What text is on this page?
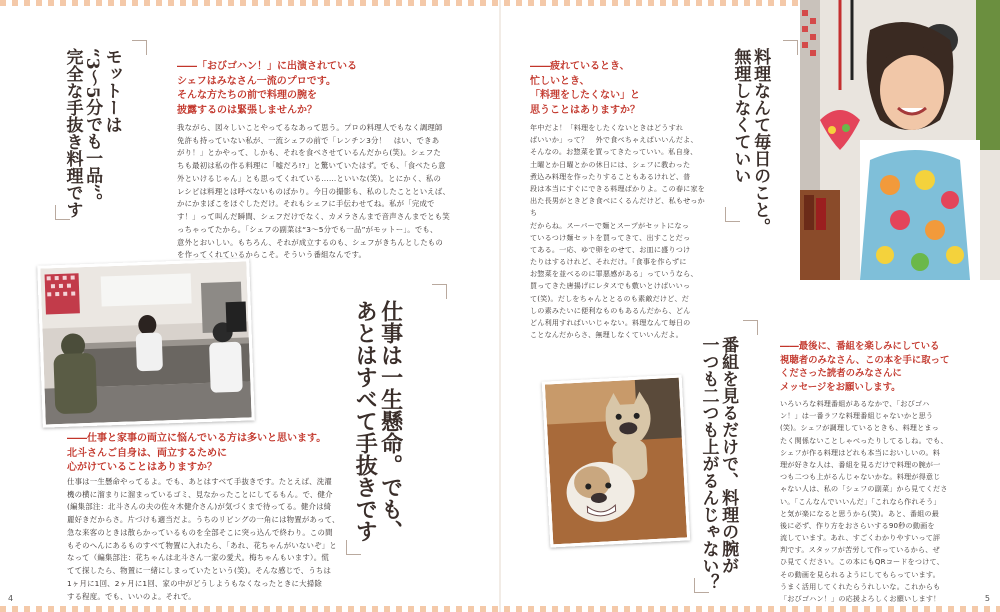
モットーは
“3〜5分でも一品”。
完全な手抜き料理です	――「おびゴハン！」に出演されている
シェフはみなさん一流のプロです。
そんな方たちの前で料理の腕を
披露するのは緊張しませんか？
我ながら、図々しいことやってるなあって思う。プロの料理人でもなく調理師
免許も持っていない私が、一流シェフの前で「レンチン3分！　はい、できあ
がり！」とかやって、しかも、それを食べさせているんだから(笑)。シェフた
ちも最初は私の作る料理に「嘘だろ!?」と驚いていたはず。でも、「食べたら意
外といけるじゃん」とも思ってくれている……といいな(笑)。とにかく、私の
レシピは料理とは呼べないものばかり。今日の撮影も、私のしたことといえば、
かにかまぼこをほぐしただけ。それもシェフに手伝わせてね。私が「完成で
す！」って叫んだ瞬間、シェフだけでなく、カメラさんまで音声さんまでとも笑
っちゃってたから。「シェフの副菜は“3〜5分でも一品”がモットー」。でも、
意外とおいしい。もちろん、それが成立するのも、シェフがきちんとしたもの
を作ってくれているからこそ。そういう番組なんです。
仕事は一生懸命。でも、
あとはすべて手抜きです
――仕事と家事の両立に悩んでいる方は多いと思います。
北斗さんご自身は、両立するために
心がけていることはありますか？
仕事は一生懸命やってるよ。でも、あとはすべて手抜きです。たとえば、洗濯
機の横に溜まりに溜まっているゴミ、見なかったことにしてるもん。で、健介
(編集部注：北斗さんの夫の佐々木健介さん)が気づくまで待ってる。健介は綺
麗好きだからさ。片づけも適当だよ。うちのリビングの一角には物置があって、
急な来客のときは散らかっているものを全部そこに突っ込んで終わり。この間
もそのへんにあるものすべて物置に入れたら、「あれ、花ちゃんがいないぞ」と
なって（編集部注：花ちゃんは北斗さん一家の愛犬。梅ちゃんもいます）。慌
てて探したら、物置に一緒にしまっていたという(笑)。そんな感じで、うちは
1ヶ月に1回、2ヶ月に1回、家の中がどうしようもなくなったときに大掃除
する程度。でも、いいのよ。それで。
4
――疲れているとき、
忙しいとき、
「料理をしたくない」と
思うことはありますか？
年中だよ！「料理をしたくないときはどうすれ
ばいいか」って？　外で食べちゃえばいいんだよ、
そんなの。お惣菜を買ってきたっていい。私自身、
土曜とか日曜とかの休日には、シェフに教わった
煮込み料理を作ったりすることもあるけれど、普
段は本当にすぐにできる料理ばかりよ。この春に家を
出た長男がときどき食べにくるんだけど、私もせっかち
だからね。スーパーで麺とスープがセットになっ
ているつけ麺セットを買ってきて、出すことだっ
てある。一応、ゆで卵をのせて、お皿に盛りつけ
たりはするけれど、それだけ。「食事を作らずに
お惣菜を並べるのに罪悪感がある」っていうなら、
買ってきた唐揚げにレタスでも敷いとけばいいっ
て(笑)。だしをちゃんととるのも素敵だけど、だ
しの素みたいに便利なものもあるんだから、どん
どん利用すればいいじゃない。料理なんて毎日の
ことなんだからさ、無理しなくていいんだよ。
料理なんて毎日のこと。
無理しなくていい
番組を見るだけで、料理の腕が
一つも二つも上がるんじゃない？	――最後に、番組を楽しみにしている
視聴者のみなさん、この本を手に取って
くださった読者のみなさんに
メッセージをお願いします。
いろいろな料理番組があるなかで、「おびゴハ
ン！」は一番ラフな料理番組じゃないかと思う
(笑)。シェフが調理しているときも、料理とまっ
たく関係ないことしゃべったりしてるしね。でも、
シェフが作る料理はどれも本当においしいの。料
理が好きな人は、番組を見るだけで料理の腕が一
つも二つも上がるんじゃないかな。料理が得意じ
ゃない人は、私の「シェフの副菜」から見てくださ
い。「こんなんでいいんだ」「これなら作れそう」
と気が楽になると思うから(笑)。あと、番組の最
後に必ず、作り方をおさらいする90秒の動画を
流しています。あれ、すごくわかりやすいって評
判です。スタッフが苦労して作っているから、ぜ
ひ見てください。この本にもQRコードをつけて、
その動画を見られるようにしてもらっています。
うまく活用してくれたらうれしいな。これからも
「おびゴハン！」の応援よろしくお願いします！	5
